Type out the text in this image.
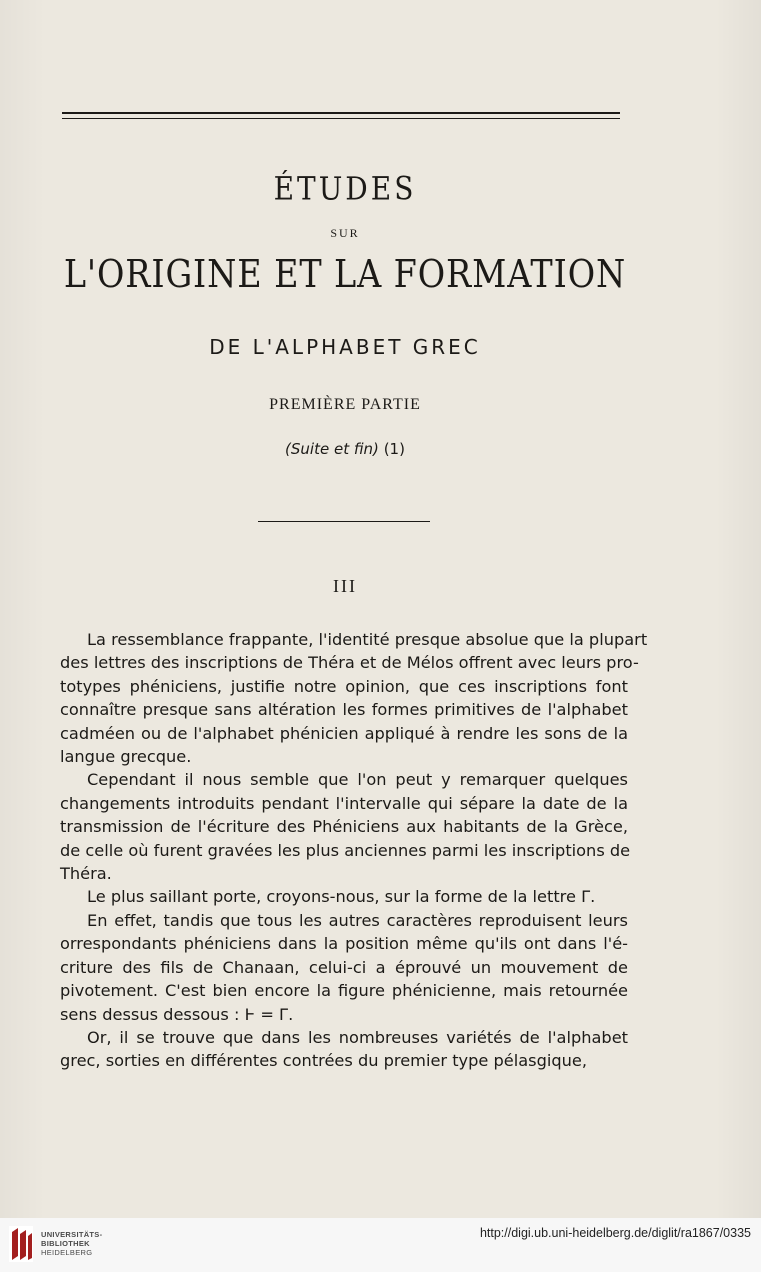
ÉTUDES
SUR
L'ORIGINE ET LA FORMATION
DE L'ALPHABET GREC
PREMIÈRE PARTIE
(Suite et fin) (1)
III

La ressemblance frappante, l'identité presque absolue que la plupart
des lettres des inscriptions de Théra et de Mélos offrent avec leurs pro-
totypes phéniciens, justifie notre opinion, que ces inscriptions font
connaître presque sans altération les formes primitives de l'alphabet
cadméen ou de l'alphabet phénicien appliqué à rendre les sons de la
langue grecque.

Cependant il nous semble que l'on peut y remarquer quelques
changements introduits pendant l'intervalle qui sépare la date de la
transmission de l'écriture des Phéniciens aux habitants de la Grèce,
de celle où furent gravées les plus anciennes parmi les inscriptions de
Théra.

Le plus saillant porte, croyons-nous, sur la forme de la lettre Γ.

En effet, tandis que tous les autres caractères reproduisent leurs
orrespondants phéniciens dans la position même qu'ils ont dans l'é-
criture des fils de Chanaan, celui-ci a éprouvé un mouvement de
pivotement. C'est bien encore la figure phénicienne, mais retournée
sens dessus dessous : Ⱶ = Γ.

Or, il se trouve que dans les nombreuses variétés de l'alphabet
grec, sorties en différentes contrées du premier type pélasgique,

UNIVERSITÄTS-
BIBLIOTHEK
HEIDELBERG
http://digi.ub.uni-heidelberg.de/diglit/ra1867/0335
